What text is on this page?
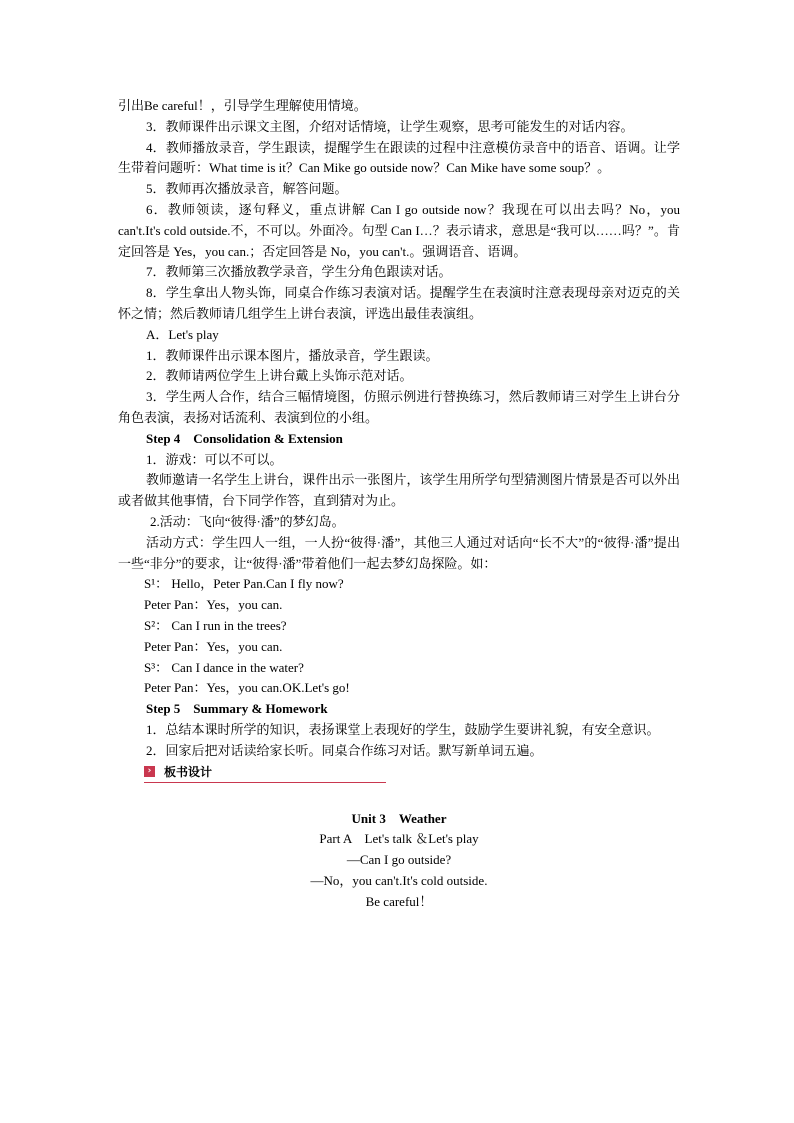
引出Be careful！，引导学生理解使用情境。

3．教师课件出示课文主图，介绍对话情境，让学生观察，思考可能发生的对话内容。

4．教师播放录音，学生跟读，提醒学生在跟读的过程中注意模仿录音中的语音、语调。让学生带着问题听：What time is it？Can Mike go outside now？Can Mike have some soup？。

5．教师再次播放录音，解答问题。

6．教师领读，逐句释义，重点讲解 Can I go outside now？我现在可以出去吗？No，you can't.It's cold outside.不，不可以。外面冷。句型 Can I…？表示请求，意思是“我可以……吗？”。肯定回答是 Yes，you can.；否定回答是 No，you can't.。强调语音、语调。

7．教师第三次播放教学录音，学生分角色跟读对话。

8．学生拿出人物头饰，同桌合作练习表演对话。提醒学生在表演时注意表现母亲对迈克的关怀之情；然后教师请几组学生上讲台表演，评选出最佳表演组。

A．Let's play

1．教师课件出示课本图片，播放录音，学生跟读。

2．教师请两位学生上讲台戴上头饰示范对话。

3．学生两人合作，结合三幅情境图，仿照示例进行替换练习，然后教师请三对学生上讲台分角色表演，表扬对话流利、表演到位的小组。

Step 4　Consolidation & Extension

1．游戏：可以不可以。

教师邀请一名学生上讲台，课件出示一张图片，该学生用所学句型猜测图片情景是否可以外出或者做其他事情，台下同学作答，直到猜对为止。

2.活动：飞向“彼得·潘”的梦幻岛。

活动方式：学生四人一组，一人扮“彼得·潘”，其他三人通过对话向“长不大”的“彼得·潘”提出一些“非分”的要求，让“彼得·潘”带着他们一起去梦幻岛探险。如：

S¹： Hello，Peter Pan.Can I fly now?

Peter Pan：Yes，you can.

S²： Can I run in the trees?

Peter Pan：Yes，you can.

S³： Can I dance in the water?

Peter Pan：Yes，you can.OK.Let's go!

Step 5　Summary & Homework

1．总结本课时所学的知识，表扬课堂上表现好的学生，鼓励学生要讲礼貌，有安全意识。

2．回家后把对话读给家长听。同桌合作练习对话。默写新单词五遍。

›	板书设计

Unit 3　Weather

Part A　Let's talk ＆Let's play

—Can I go outside?

—No，you can't.It's cold outside.

Be careful！
